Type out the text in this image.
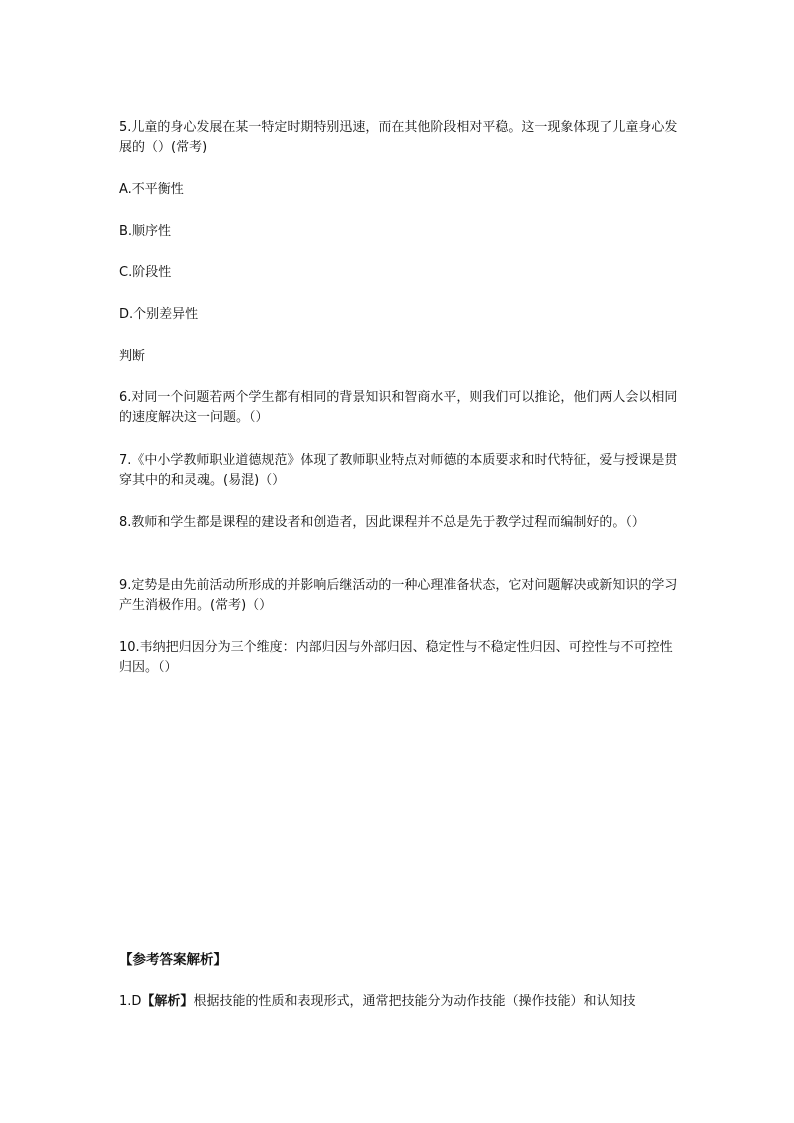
5.儿童的身心发展在某一特定时期特别迅速，而在其他阶段相对平稳。这一现象体现了儿童身心发展的（）(常考)

A.不平衡性

B.顺序性

C.阶段性

D.个别差异性

判断

6.对同一个问题若两个学生都有相同的背景知识和智商水平，则我们可以推论，他们两人会以相同的速度解决这一问题。（）

7.《中小学教师职业道德规范》体现了教师职业特点对师德的本质要求和时代特征，爱与授课是贯穿其中的和灵魂。(易混)（）

8.教师和学生都是课程的建设者和创造者，因此课程并不总是先于教学过程而编制好的。（）

9.定势是由先前活动所形成的并影响后继活动的一种心理准备状态，它对问题解决或新知识的学习产生消极作用。(常考)（）

10.韦纳把归因分为三个维度：内部归因与外部归因、稳定性与不稳定性归因、可控性与不可控性归因。（）

【参考答案解析】

1.D【解析】根据技能的性质和表现形式，通常把技能分为动作技能（操作技能）和认知技
